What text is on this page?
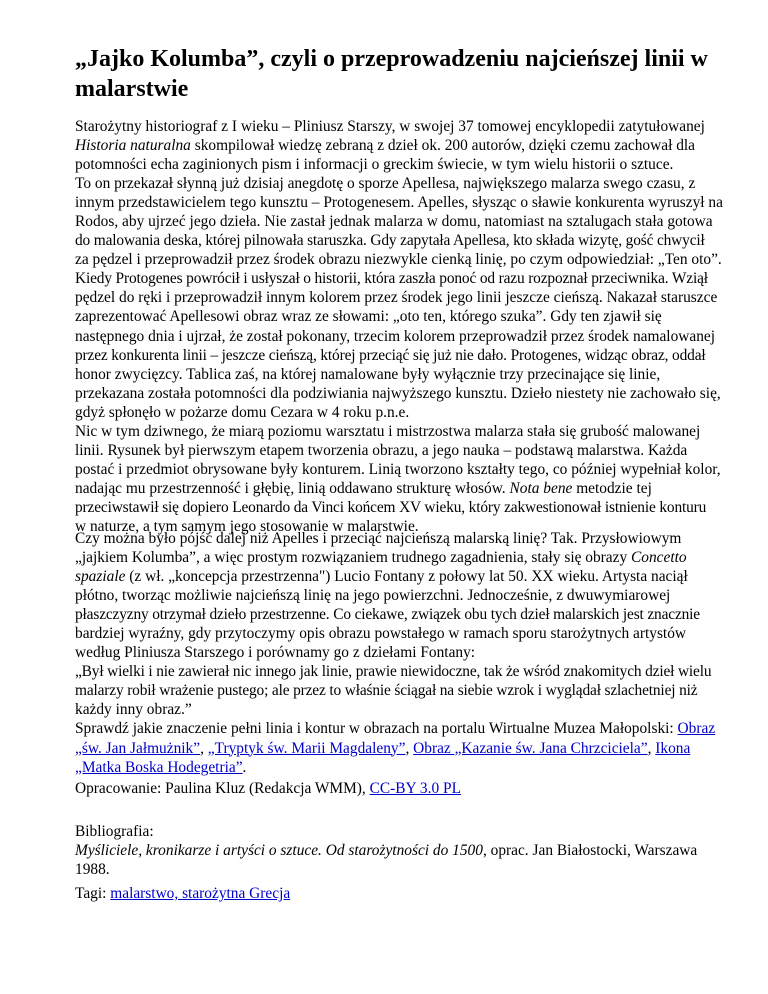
„Jajko Kolumba”, czyli o przeprowadzeniu najcieńszej linii w malarstwie
Starożytny historiograf z I wieku – Pliniusz Starszy, w swojej 37 tomowej encyklopedii zatytułowanej
Historia naturalna skompilował wiedzę zebraną z dzieł ok. 200 autorów, dzięki czemu zachował dla
potomności echa zaginionych pism i informacji o greckim świecie, w tym wielu historii o sztuce.
To on przekazał słynną już dzisiaj anegdotę o sporze Apellesa, największego malarza swego czasu, z
innym przedstawicielem tego kunsztu – Protogenesem. Apelles, słysząc o sławie konkurenta wyruszył na
Rodos, aby ujrzeć jego dzieła. Nie zastał jednak malarza w domu, natomiast na sztalugach stała gotowa
do malowania deska, której pilnowała staruszka. Gdy zapytała Apellesa, kto składa wizytę, gość chwycił
za pędzel i przeprowadził przez środek obrazu niezwykle cienką linię, po czym odpowiedział: „Ten oto”.
Kiedy Protogenes powrócił i usłyszał o historii, która zaszła ponoć od razu rozpoznał przeciwnika. Wziął
pędzel do ręki i przeprowadził innym kolorem przez środek jego linii jeszcze cieńszą. Nakazał staruszce
zaprezentować Apellesowi obraz wraz ze słowami: „oto ten, którego szuka”. Gdy ten zjawił się
następnego dnia i ujrzał, że został pokonany, trzecim kolorem przeprowadził przez środek namalowanej
przez konkurenta linii – jeszcze cieńszą, której przeciąć się już nie dało. Protogenes, widząc obraz, oddał
honor zwycięzcy. Tablica zaś, na której namalowane były wyłącznie trzy przecinające się linie,
przekazana została potomności dla podziwiania najwyższego kunsztu. Dzieło niestety nie zachowało się,
gdyż spłonęło w pożarze domu Cezara w 4 roku p.n.e.
Nic w tym dziwnego, że miarą poziomu warsztatu i mistrzostwa malarza stała się grubość malowanej
linii. Rysunek był pierwszym etapem tworzenia obrazu, a jego nauka – podstawą malarstwa. Każda
postać i przedmiot obrysowane były konturem. Linią tworzono kształty tego, co później wypełniał kolor,
nadając mu przestrzenność i głębię, linią oddawano strukturę włosów. Nota bene metodzie tej
przeciwstawił się dopiero Leonardo da Vinci końcem XV wieku, który zakwestionował istnienie konturu
w naturze, a tym samym jego stosowanie w malarstwie.
Czy można było pójść dalej niż Apelles i przeciąć najcieńszą malarską linię? Tak. Przysłowiowym
„jajkiem Kolumba”, a więc prostym rozwiązaniem trudnego zagadnienia, stały się obrazy Concetto
spaziale (z wł. „koncepcja przestrzenna") Lucio Fontany z połowy lat 50. XX wieku. Artysta naciął
płótno, tworząc możliwie najcieńszą linię na jego powierzchni. Jednocześnie, z dwuwymiarowej
płaszczyzny otrzymał dzieło przestrzenne. Co ciekawe, związek obu tych dzieł malarskich jest znacznie
bardziej wyraźny, gdy przytoczymy opis obrazu powstałego w ramach sporu starożytnych artystów
według Pliniusza Starszego i porównamy go z dziełami Fontany:
„Był wielki i nie zawierał nic innego jak linie, prawie niewidoczne, tak że wśród znakomitych dzieł wielu
malarzy robił wrażenie pustego; ale przez to właśnie ściągał na siebie wzrok i wyglądał szlachetniej niż
każdy inny obraz.”
Sprawdź jakie znaczenie pełni linia i kontur w obrazach na portalu Wirtualne Muzea Małopolski: Obraz
„św. Jan Jałmużnik”, „Tryptyk św. Marii Magdaleny”, Obraz „Kazanie św. Jana Chrzciciela”, Ikona
„Matka Boska Hodegetria”.
Opracowanie: Paulina Kluz (Redakcja WMM), CC-BY 3.0 PL
Bibliografia:
Myśliciele, kronikarze i artyści o sztuce. Od starożytności do 1500, oprac. Jan Białostocki, Warszawa
1988.
Tagi: malarstwo, starożytna Grecja
